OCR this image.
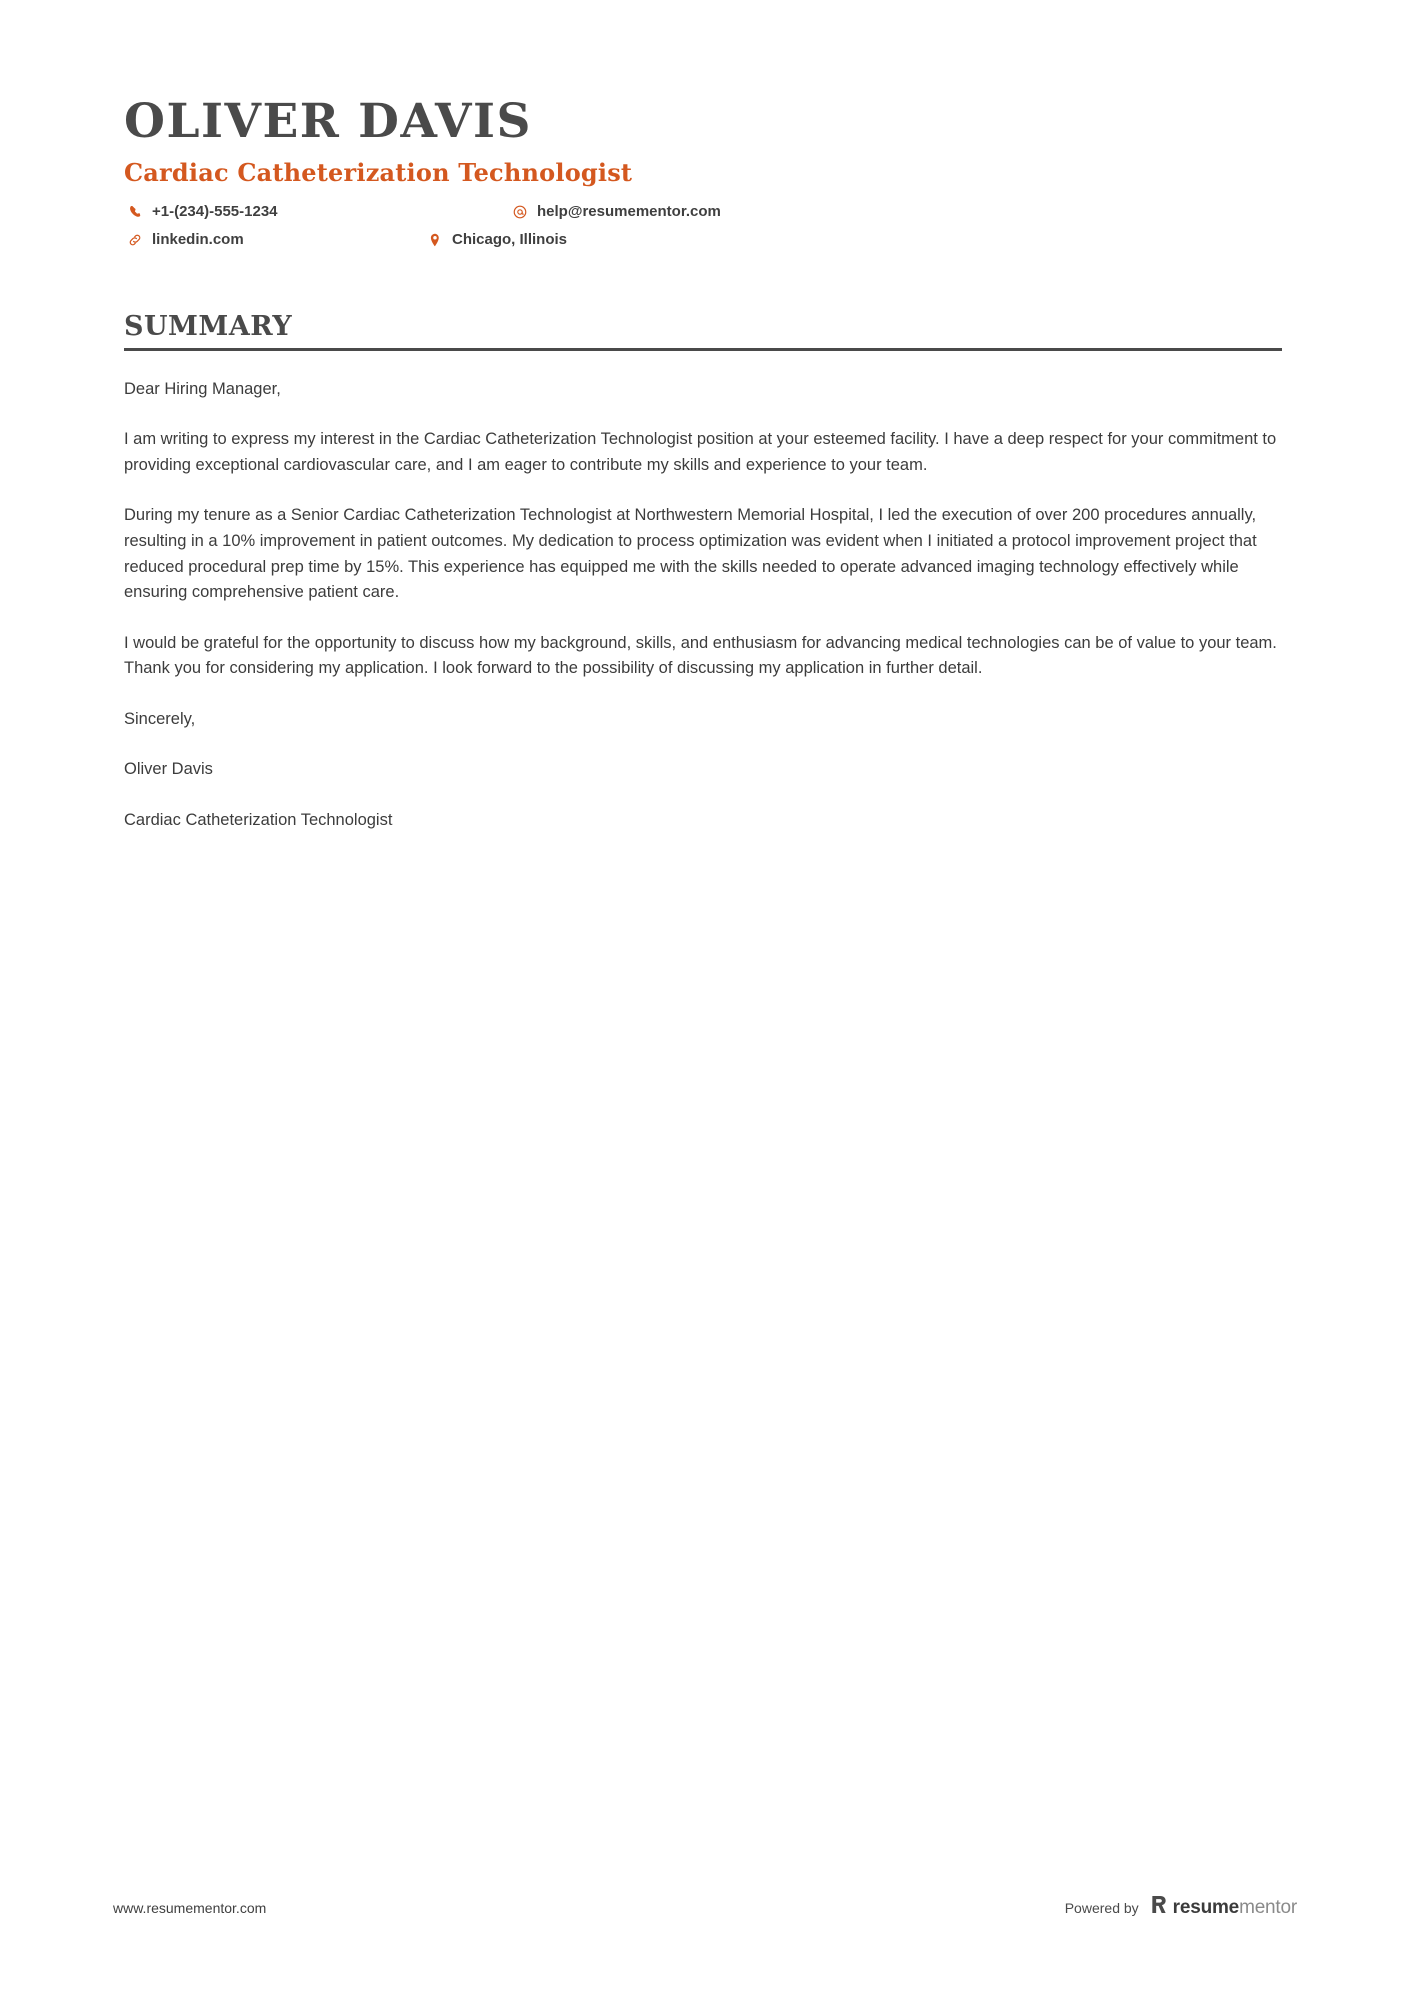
OLIVER DAVIS
Cardiac Catheterization Technologist
+1-(234)-555-1234	help@resumementor.com
linkedin.com	Chicago, Illinois
SUMMARY

Dear Hiring Manager,

I am writing to express my interest in the Cardiac Catheterization Technologist position at your esteemed facility. I have a deep respect for your commitment to providing exceptional cardiovascular care, and I am eager to contribute my skills and experience to your team.

During my tenure as a Senior Cardiac Catheterization Technologist at Northwestern Memorial Hospital, I led the execution of over 200 procedures annually, resulting in a 10% improvement in patient outcomes. My dedication to process optimization was evident when I initiated a protocol improvement project that reduced procedural prep time by 15%. This experience has equipped me with the skills needed to operate advanced imaging technology effectively while ensuring comprehensive patient care.

I would be grateful for the opportunity to discuss how my background, skills, and enthusiasm for advancing medical technologies can be of value to your team. Thank you for considering my application. I look forward to the possibility of discussing my application in further detail.

Sincerely,

Oliver Davis

Cardiac Catheterization Technologist

www.resumementor.com	Powered by resume mentor
